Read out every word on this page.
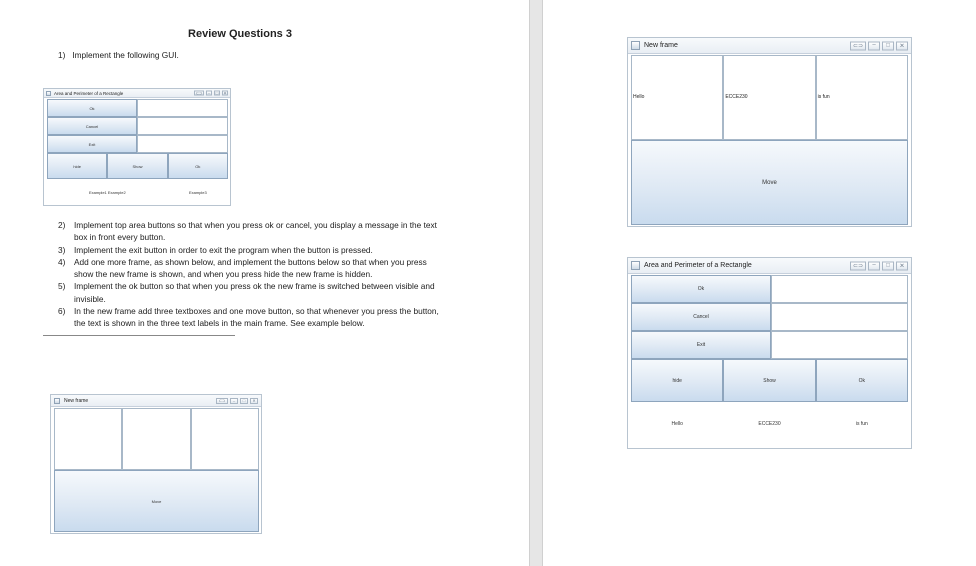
Review Questions 3
1) Implement the following GUI.
Area and Perimeter of a Rectangle	⊂⊃	–	□	✕
Ok
Cancel
Exit
hide	Show	Ok
Example1 Example2	Example3
2)	Implement top area buttons so that when you press ok or cancel, you display a message in the text box in front every button.
3)	Implement the exit button in order to exit the program when the button is pressed.
4)	Add one more frame, as shown below, and implement the buttons below so that when you press show the new frame is shown, and when you press hide the new frame is hidden.
5)	Implement the ok button so that when you press ok the new frame is switched between visible and invisible.
6)	In the new frame add three textboxes and one move button, so that whenever you press the button, the text is shown in the three text labels in the main frame. See example below.
New frame	⊂⊃	–	□	✕
Move
New frame	⊂⊃	–	□	✕
Hello	ECCE230	is fun
Move
Area and Perimeter of a Rectangle	⊂⊃	–	□	✕
Ok
Cancel
Exit
hide	Show	Ok
Hello	ECCE230	is fun
